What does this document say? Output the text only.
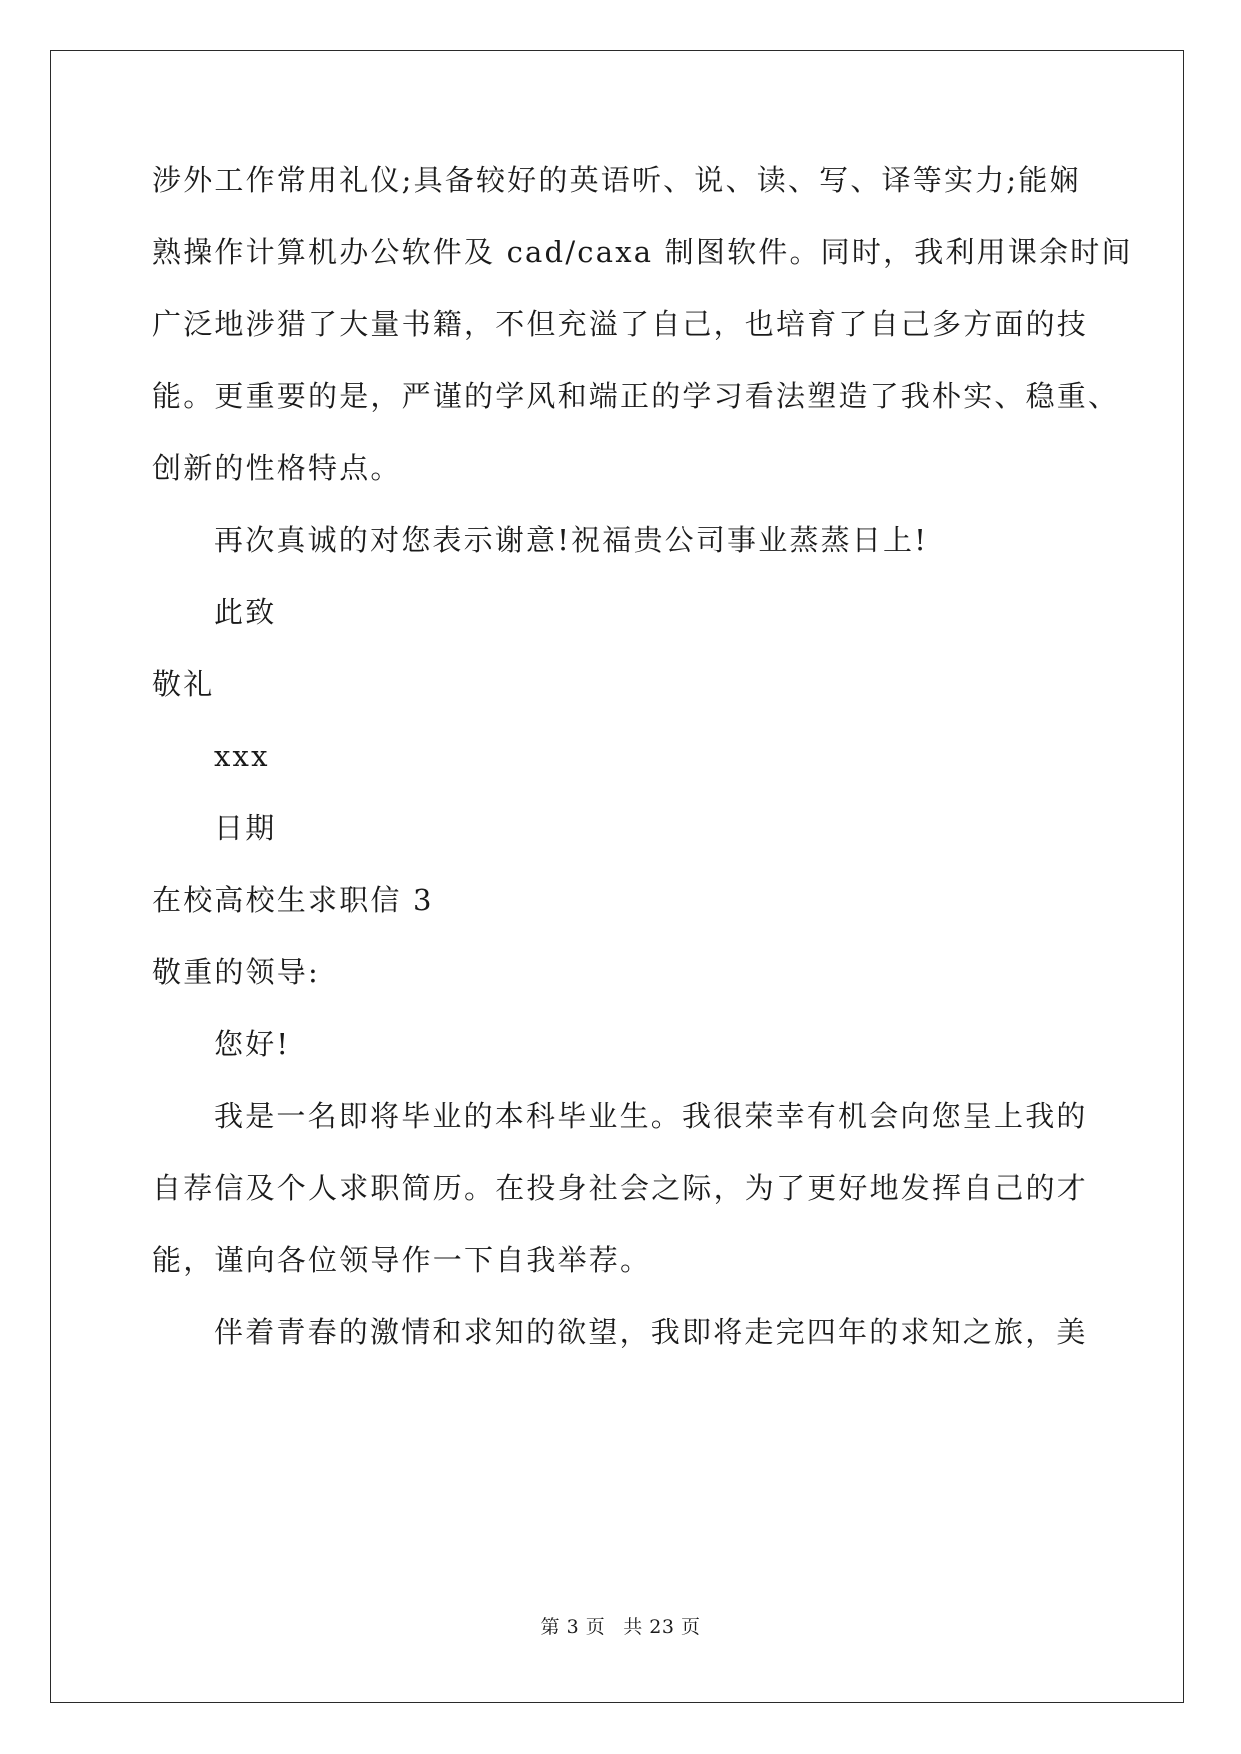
涉外工作常用礼仪;具备较好的英语听、说、读、写、译等实力;能娴
熟操作计算机办公软件及 cad/caxa 制图软件。同时，我利用课余时间
广泛地涉猎了大量书籍，不但充溢了自己，也培育了自己多方面的技
能。更重要的是，严谨的学风和端正的学习看法塑造了我朴实、稳重、
创新的性格特点。
再次真诚的对您表示谢意!祝福贵公司事业蒸蒸日上!
此致
敬礼
xxx
日期
在校高校生求职信 3
敬重的领导:
您好!
我是一名即将毕业的本科毕业生。我很荣幸有机会向您呈上我的
自荐信及个人求职简历。在投身社会之际，为了更好地发挥自己的才
能，谨向各位领导作一下自我举荐。
伴着青春的激情和求知的欲望，我即将走完四年的求知之旅，美
第 3 页 共 23 页
